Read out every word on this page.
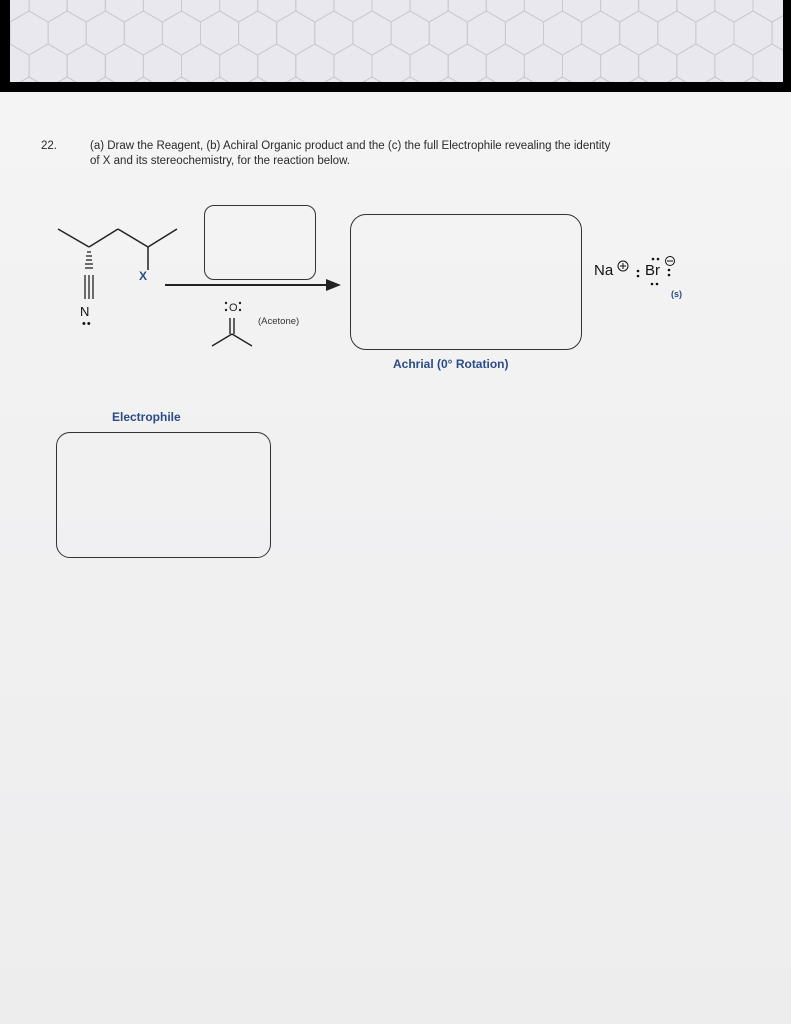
22.	(a) Draw the Reagent, (b) Achiral Organic product and the (c) the full Electrophile revealing the identity
of X and its stereochemistry, for the reaction below.
X
N
••
O
(Acetone)
Achrial (0° Rotation)
Na Br
(s)
Electrophile
